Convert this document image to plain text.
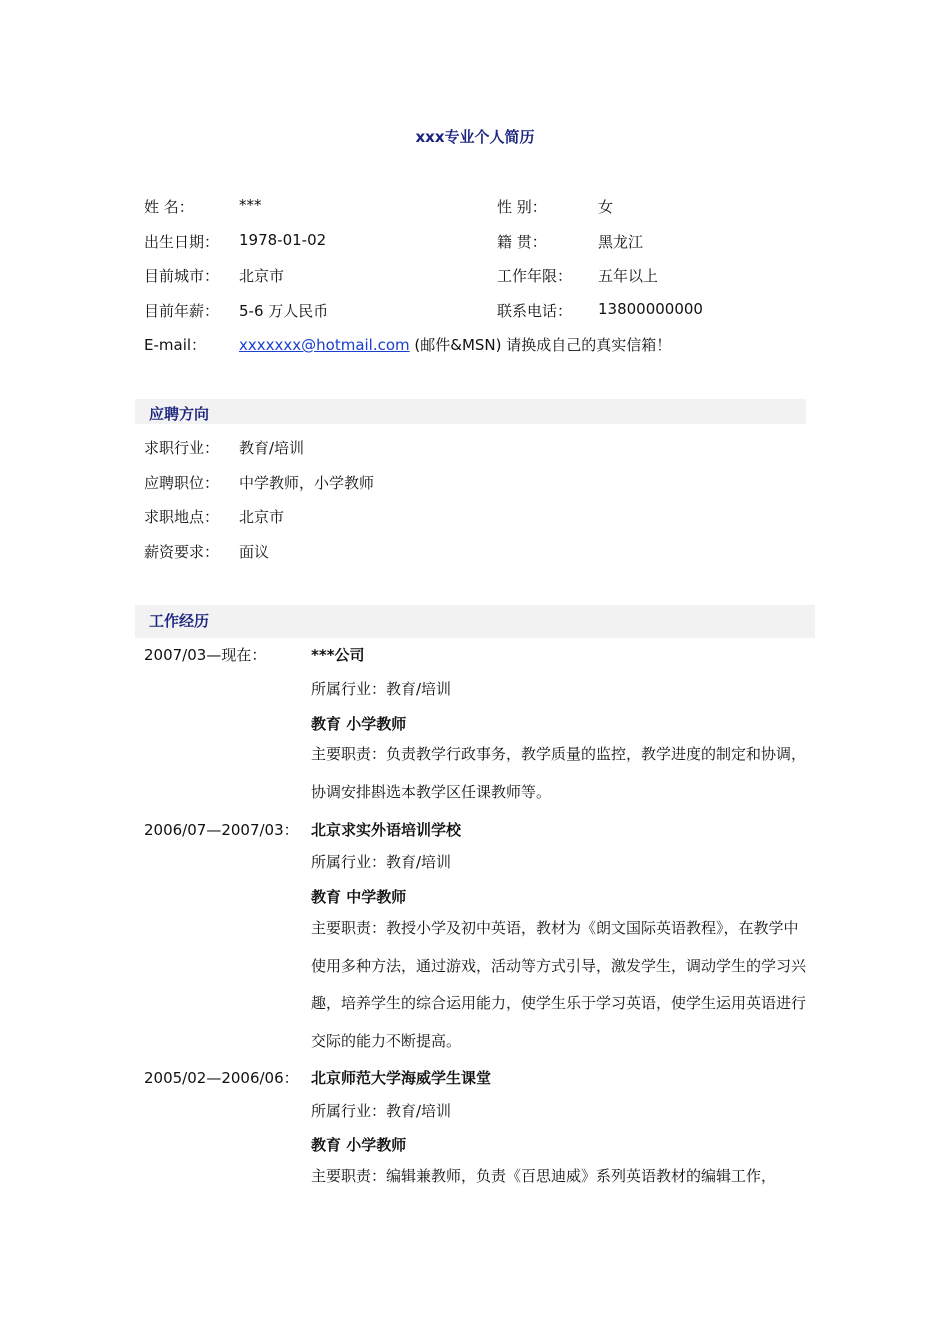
xxx专业个人简历
姓 名：	***	性 别：	女
出生日期： 1978-01-02	籍 贯：	黑龙江
目前城市： 北京市	工作年限： 五年以上
目前年薪： 5-6 万人民币	联系电话： 13800000000
E-mail： xxxxxxx@hotmail.com (邮件&MSN) 请换成自己的真实信箱！
应聘方向
求职行业： 教育/培训
应聘职位： 中学教师，小学教师
求职地点： 北京市
薪资要求： 面议
工作经历
2007/03—现在：	***公司
所属行业：教育/培训
教育 小学教师
主要职责：负责教学行政事务，教学质量的监控，教学进度的制定和协调，协调安排斟选本教学区任课教师等。
2006/07—2007/03： 北京求实外语培训学校
所属行业：教育/培训
教育 中学教师
主要职责：教授小学及初中英语，教材为《朗文国际英语教程》，在教学中使用多种方法，通过游戏，活动等方式引导，激发学生，调动学生的学习兴趣，培养学生的综合运用能力，使学生乐于学习英语，使学生运用英语进行交际的能力不断提高。
2005/02—2006/06： 北京师范大学海威学生课堂
所属行业：教育/培训
教育 小学教师
主要职责：编辑兼教师，负责《百思迪威》系列英语教材的编辑工作，
